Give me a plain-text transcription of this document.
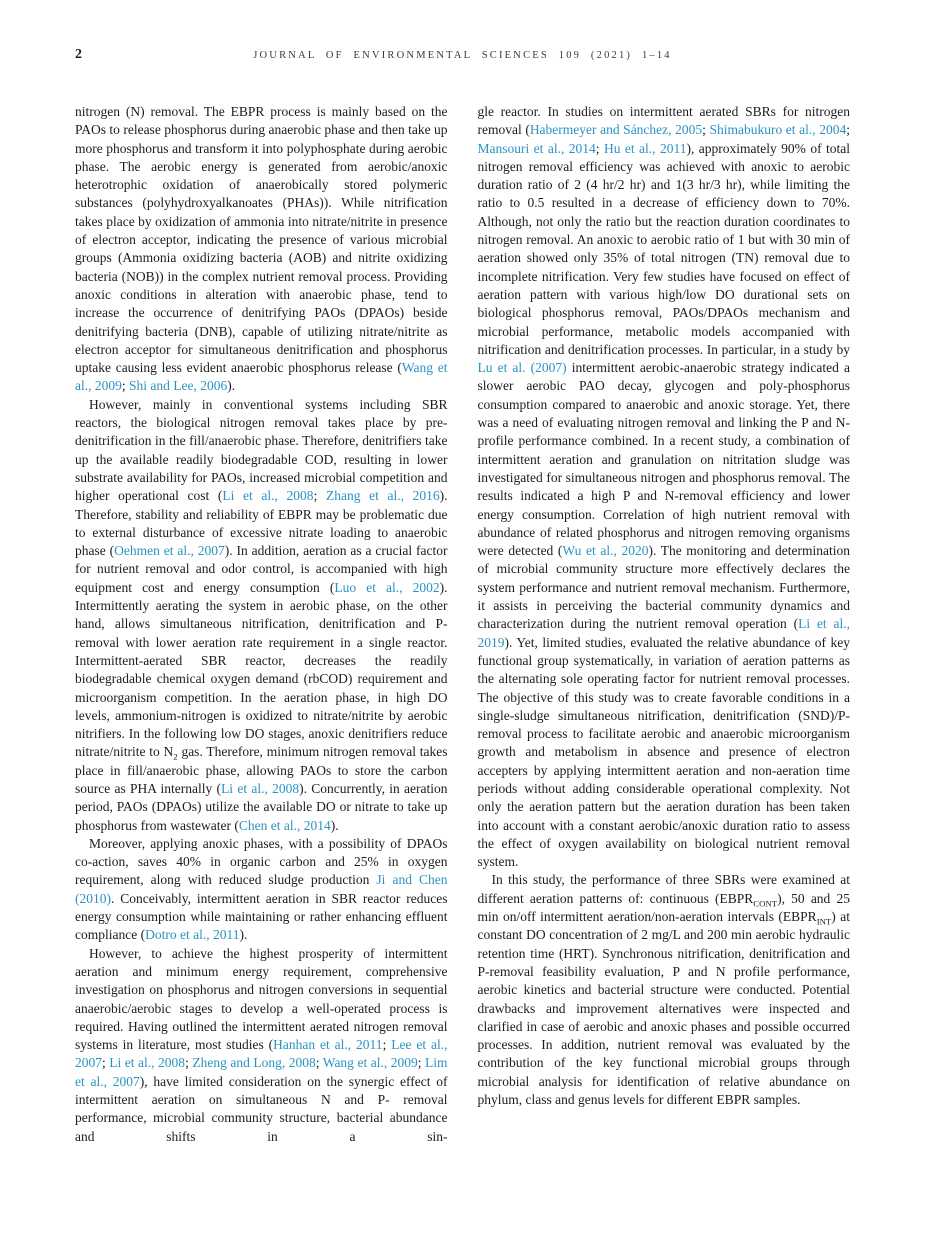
2	JOURNAL OF ENVIRONMENTAL SCIENCES 109 (2021) 1–14

nitrogen (N) removal. The EBPR process is mainly based on the PAOs to release phosphorus during anaerobic phase and then take up more phosphorus and transform it into polyphosphate during aerobic phase. The aerobic energy is generated from aerobic/anoxic heterotrophic oxidation of anaerobically stored polymeric substances (polyhydroxyalkanoates (PHAs)). While nitrification takes place by oxidization of ammonia into nitrate/nitrite in presence of electron acceptor, indicating the presence of various microbial groups (Ammonia oxidizing bacteria (AOB) and nitrite oxidizing bacteria (NOB)) in the complex nutrient removal process. Providing anoxic conditions in alteration with anaerobic phase, tend to increase the occurrence of denitrifying PAOs (DPAOs) beside denitrifying bacteria (DNB), capable of utilizing nitrate/nitrite as electron acceptor for simultaneous denitrification and phosphorus uptake causing less evident anaerobic phosphorus release (Wang et al., 2009; Shi and Lee, 2006).

However, mainly in conventional systems including SBR reactors, the biological nitrogen removal takes place by pre-denitrification in the fill/anaerobic phase. Therefore, denitrifiers take up the available readily biodegradable COD, resulting in lower substrate availability for PAOs, increased microbial competition and higher operational cost (Li et al., 2008; Zhang et al., 2016). Therefore, stability and reliability of EBPR may be problematic due to external disturbance of excessive nitrate loading to anaerobic phase (Oehmen et al., 2007). In addition, aeration as a crucial factor for nutrient removal and odor control, is accompanied with high equipment cost and energy consumption (Luo et al., 2002). Intermittently aerating the system in aerobic phase, on the other hand, allows simultaneous nitrification, denitrification and P-removal with lower aeration rate requirement in a single reactor. Intermittent-aerated SBR reactor, decreases the readily biodegradable chemical oxygen demand (rbCOD) requirement and microorganism competition. In the aeration phase, in high DO levels, ammonium-nitrogen is oxidized to nitrate/nitrite by aerobic nitrifiers. In the following low DO stages, anoxic denitrifiers reduce nitrate/nitrite to $N_2$ gas. Therefore, minimum nitrogen removal takes place in fill/anaerobic phase, allowing PAOs to store the carbon source as PHA internally (Li et al., 2008). Concurrently, in aeration period, PAOs (DPAOs) utilize the available DO or nitrate to take up phosphorus from wastewater (Chen et al., 2014).

Moreover, applying anoxic phases, with a possibility of DPAOs co-action, saves 40% in organic carbon and 25% in oxygen requirement, along with reduced sludge production Ji and Chen (2010). Conceivably, intermittent aeration in SBR reactor reduces energy consumption while maintaining or rather enhancing effluent compliance (Dotro et al., 2011).

However, to achieve the highest prosperity of intermittent aeration and minimum energy requirement, comprehensive investigation on phosphorus and nitrogen conversions in sequential anaerobic/aerobic stages to develop a well-operated process is required. Having outlined the intermittent aerated nitrogen removal systems in literature, most studies (Hanhan et al., 2011; Lee et al., 2007; Li et al., 2008; Zheng and Long, 2008; Wang et al., 2009; Lim et al., 2007), have limited consideration on the synergic effect of intermittent aeration on simultaneous N and P- removal performance, microbial community structure, bacterial abundance and shifts in a sin-

gle reactor. In studies on intermittent aerated SBRs for nitrogen removal (Habermeyer and Sánchez, 2005; Shimabukuro et al., 2004; Mansouri et al., 2014; Hu et al., 2011), approximately 90% of total nitrogen removal efficiency was achieved with anoxic to aerobic duration ratio of 2 (4 hr/2 hr) and 1(3 hr/3 hr), while limiting the ratio to 0.5 resulted in a decrease of efficiency down to 70%. Although, not only the ratio but the reaction duration coordinates to nitrogen removal. An anoxic to aerobic ratio of 1 but with 30 min of aeration showed only 35% of total nitrogen (TN) removal due to incomplete nitrification. Very few studies have focused on effect of aeration pattern with various high/low DO durational sets on biological phosphorus removal, PAOs/DPAOs mechanism and microbial performance, metabolic models accompanied with nitrification and denitrification processes. In particular, in a study by Lu et al. (2007) intermittent aerobic-anaerobic strategy indicated a slower aerobic PAO decay, glycogen and poly-phosphorus consumption compared to anaerobic and anoxic storage. Yet, there was a need of evaluating nitrogen removal and linking the P and N-profile performance combined. In a recent study, a combination of intermittent aeration and granulation on nitritation sludge was investigated for simultaneous nitrogen and phosphorus removal. The results indicated a high P and N-removal efficiency and lower energy consumption. Correlation of high nutrient removal with abundance of related phosphorus and nitrogen removing organisms were detected (Wu et al., 2020). The monitoring and determination of microbial community structure more effectively declares the system performance and nutrient removal mechanism. Furthermore, it assists in perceiving the bacterial community dynamics and characterization during the nutrient removal operation (Li et al., 2019). Yet, limited studies, evaluated the relative abundance of key functional group systematically, in variation of aeration patterns as the alternating sole operating factor for nutrient removal processes. The objective of this study was to create favorable conditions in a single-sludge simultaneous nitrification, denitrification (SND)/P-removal process to facilitate aerobic and anaerobic microorganism growth and metabolism in absence and presence of electron accepters by applying intermittent aeration and non-aeration time periods without adding considerable operational complexity. Not only the aeration pattern but the aeration duration has been taken into account with a constant aerobic/anoxic duration ratio to assess the effect of oxygen availability on biological nutrient removal system.

In this study, the performance of three SBRs were examined at different aeration patterns of: continuous $(EBPR_{CONT})$, 50 and 25 min on/off intermittent aeration/non-aeration intervals $(EBPR_{INT})$ at constant DO concentration of 2 mg/L and 200 min aerobic hydraulic retention time (HRT). Synchronous nitrification, denitrification and P-removal feasibility evaluation, P and N profile performance, aerobic kinetics and bacterial structure were conducted. Potential drawbacks and improvement alternatives were inspected and clarified in case of aerobic and anoxic phases and possible occurred processes. In addition, nutrient removal was evaluated by the contribution of the key functional microbial groups through microbial analysis for identification of relative abundance on phylum, class and genus levels for different EBPR samples.
